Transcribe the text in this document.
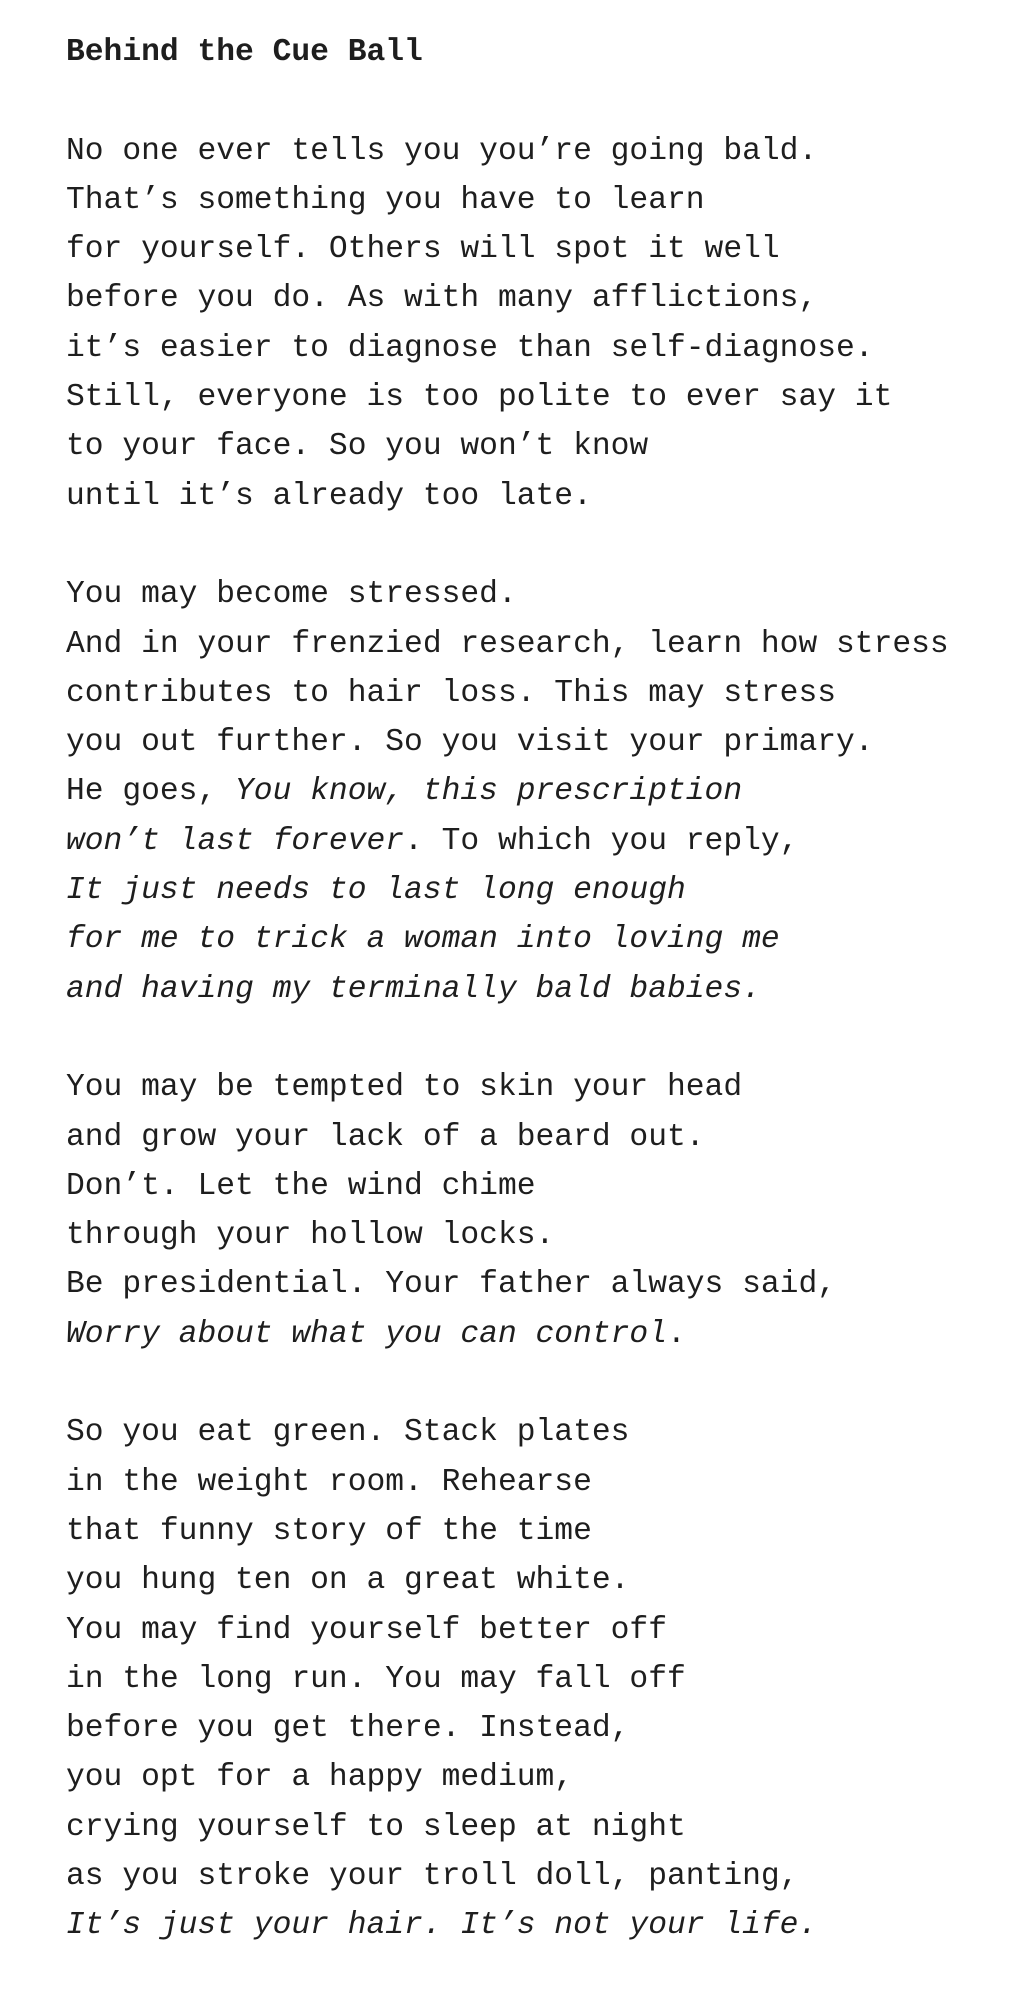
Behind the Cue Ball
No one ever tells you you’re going bald.
That’s something you have to learn
for yourself. Others will spot it well
before you do. As with many afflictions,
it’s easier to diagnose than self-diagnose.
Still, everyone is too polite to ever say it
to your face. So you won’t know
until it’s already too late.
You may become stressed.
And in your frenzied research, learn how stress
contributes to hair loss. This may stress
you out further. So you visit your primary.
He goes, You know, this prescription
won’t last forever. To which you reply,
It just needs to last long enough
for me to trick a woman into loving me
and having my terminally bald babies.
You may be tempted to skin your head
and grow your lack of a beard out.
Don’t. Let the wind chime
through your hollow locks.
Be presidential. Your father always said,
Worry about what you can control.
So you eat green. Stack plates
in the weight room. Rehearse
that funny story of the time
you hung ten on a great white.
You may find yourself better off
in the long run. You may fall off
before you get there. Instead,
you opt for a happy medium,
crying yourself to sleep at night
as you stroke your troll doll, panting,
It’s just your hair. It’s not your life.
